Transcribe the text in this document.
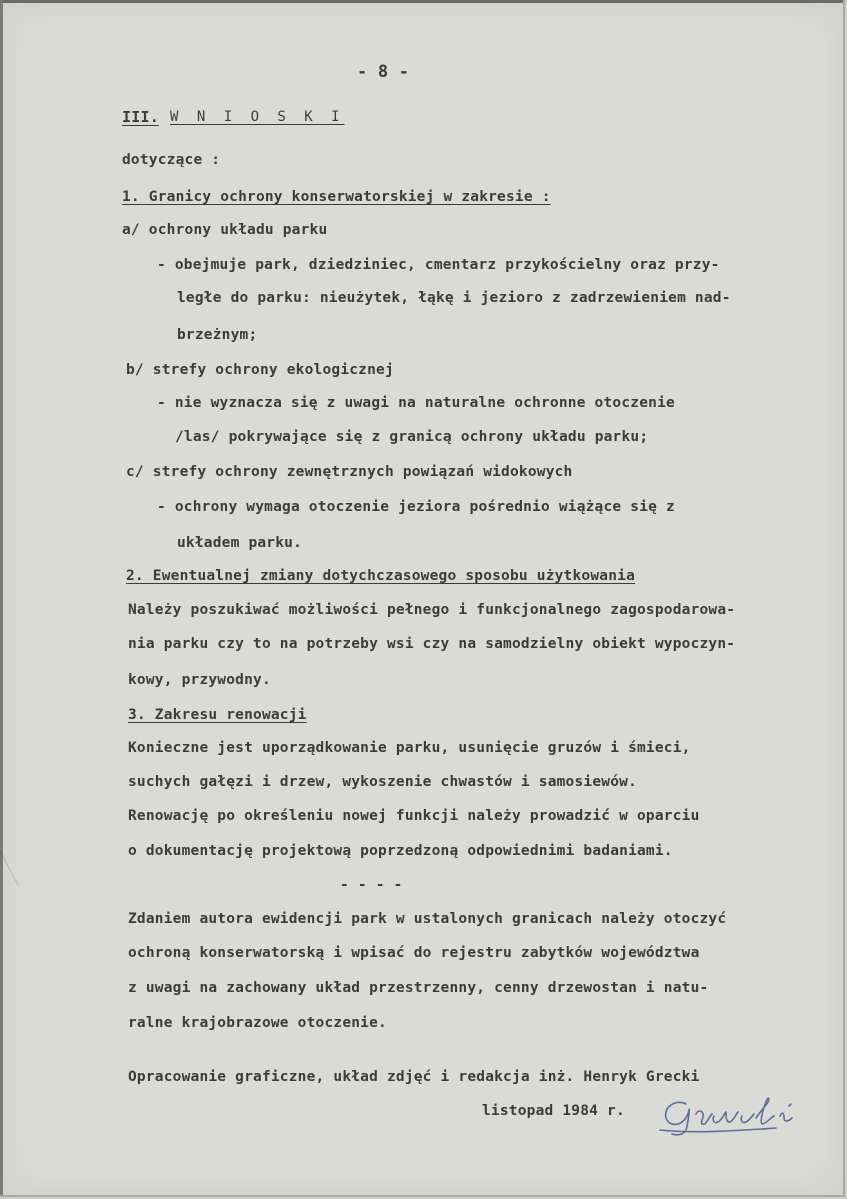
- 8 -
III. W N I O S K I
dotyczące :
1. Granicy ochrony konserwatorskiej w zakresie :
a/ ochrony układu parku
- obejmuje park, dziedziniec, cmentarz przykościelny oraz przy-
ległe do parku: nieużytek, łąkę i jezioro z zadrzewieniem nad-
brzeżnym;
b/ strefy ochrony ekologicznej
- nie wyznacza się z uwagi na naturalne ochronne otoczenie
/las/ pokrywające się z granicą ochrony układu parku;
c/ strefy ochrony zewnętrznych powiązań widokowych
- ochrony wymaga otoczenie jeziora pośrednio wiążące się z
układem parku.
2. Ewentualnej zmiany dotychczasowego sposobu użytkowania
Należy poszukiwać możliwości pełnego i funkcjonalnego zagospodarowa-
nia parku czy to na potrzeby wsi czy na samodzielny obiekt wypoczyn-
kowy, przywodny.
3. Zakresu renowacji
Konieczne jest uporządkowanie parku, usunięcie gruzów i śmieci,
suchych gałęzi i drzew, wykoszenie chwastów i samosiewów.
Renowację po określeniu nowej funkcji należy prowadzić w oparciu
o dokumentację projektową poprzedzoną odpowiednimi badaniami.
- - - -
Zdaniem autora ewidencji park w ustalonych granicach należy otoczyć
ochroną konserwatorską i wpisać do rejestru zabytków województwa
z uwagi na zachowany układ przestrzenny, cenny drzewostan i natu-
ralne krajobrazowe otoczenie.
Opracowanie graficzne, układ zdjęć i redakcja inż. Henryk Grecki
listopad 1984 r.
